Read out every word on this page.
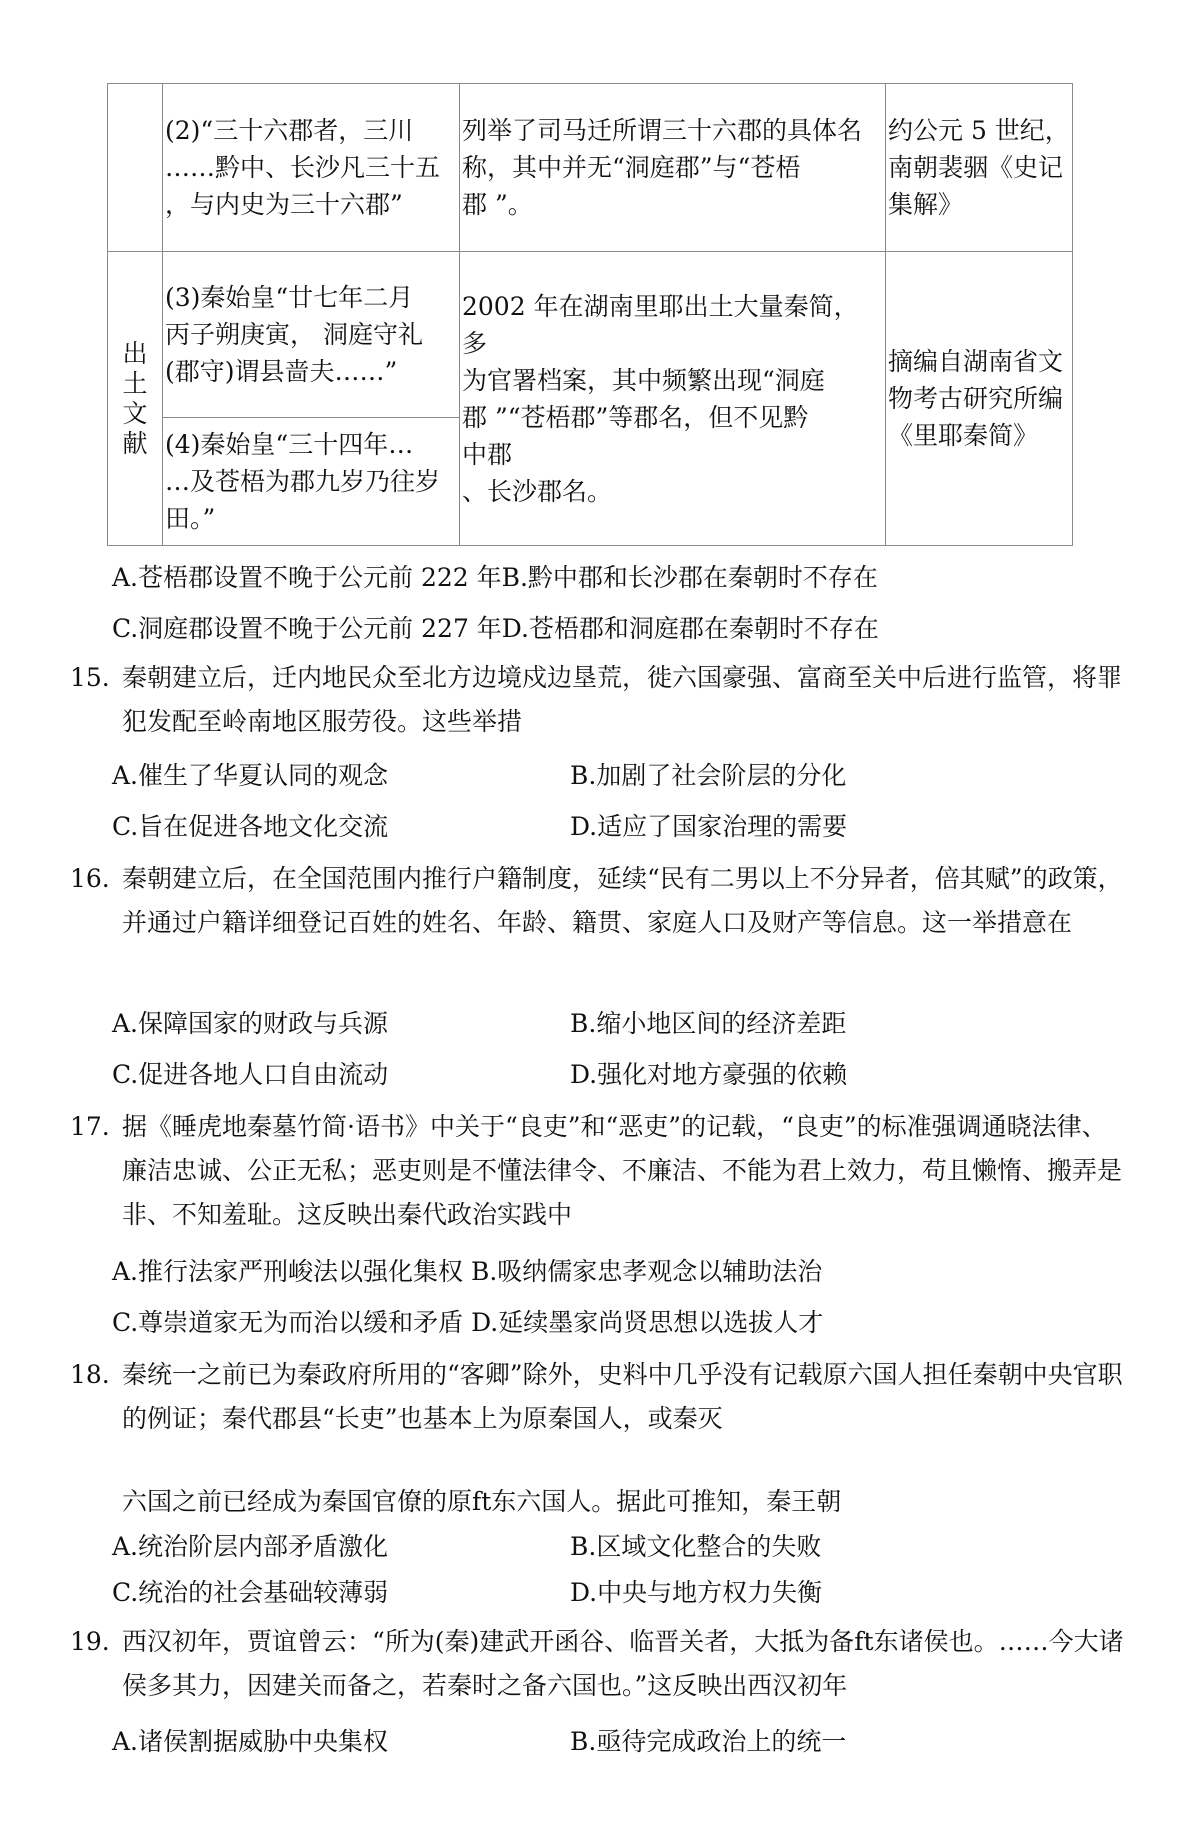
	(2)“三十六郡者，三川
……黔中、长沙凡三十五
，与内史为三十六郡”	列举了司马迁所谓三十六郡的具体名
称，其中并无“洞庭郡”与“苍梧
郡 ”。	约公元 5 世纪，
南朝裴骃《史记
集解》

出
土
文
献	(3)秦始皇“廿七年二月
丙子朔庚寅， 洞庭守礼
(郡守)谓县啬夫……”	2002 年在湖南里耶出土大量秦简，多
为官署档案，其中频繁出现“洞庭
郡 ”“苍梧郡”等郡名，但不见黔
中郡
、长沙郡名。	摘编自湖南省文
物考古研究所编
《里耶秦简》
	(4)秦始皇“三十四年…
…及苍梧为郡九岁乃往岁
田。”		
A.苍梧郡设置不晚于公元前 222 年B.黔中郡和长沙郡在秦朝时不存在
C.洞庭郡设置不晚于公元前 227 年D.苍梧郡和洞庭郡在秦朝时不存在
15. 秦朝建立后，迁内地民众至北方边境戍边垦荒，徙六国豪强、富商至关中后进行监管，将罪犯发配至岭南地区服劳役。这些举措
A.催生了华夏认同的观念	B.加剧了社会阶层的分化
C.旨在促进各地文化交流	D.适应了国家治理的需要
16. 秦朝建立后，在全国范围内推行户籍制度，延续“民有二男以上不分异者，倍其赋”的政策，并通过户籍详细登记百姓的姓名、年龄、籍贯、家庭人口及财产等信息。这一举措意在
A.保障国家的财政与兵源	B.缩小地区间的经济差距
C.促进各地人口自由流动	D.强化对地方豪强的依赖
17. 据《睡虎地秦墓竹简·语书》中关于“良吏”和“恶吏”的记载，“良吏”的标准强调通晓法律、廉洁忠诚、公正无私；恶吏则是不懂法律令、不廉洁、不能为君上效力，苟且懒惰、搬弄是非、不知羞耻。这反映出秦代政治实践中
A.推行法家严刑峻法以强化集权 B.吸纳儒家忠孝观念以辅助法治
C.尊崇道家无为而治以缓和矛盾 D.延续墨家尚贤思想以选拔人才
18. 秦统一之前已为秦政府所用的“客卿”除外，史料中几乎没有记载原六国人担任秦朝中央官职的例证；秦代郡县“长吏”也基本上为原秦国人，或秦灭
六国之前已经成为秦国官僚的原ft东六国人。据此可推知，秦王朝
A.统治阶层内部矛盾激化	B.区域文化整合的失败
C.统治的社会基础较薄弱	D.中央与地方权力失衡
19. 西汉初年，贾谊曾云：“所为(秦)建武开函谷、临晋关者，大抵为备ft东诸侯也。……今大诸侯多其力，因建关而备之，若秦时之备六国也。”这反映出西汉初年
A.诸侯割据威胁中央集权	B.亟待完成政治上的统一
